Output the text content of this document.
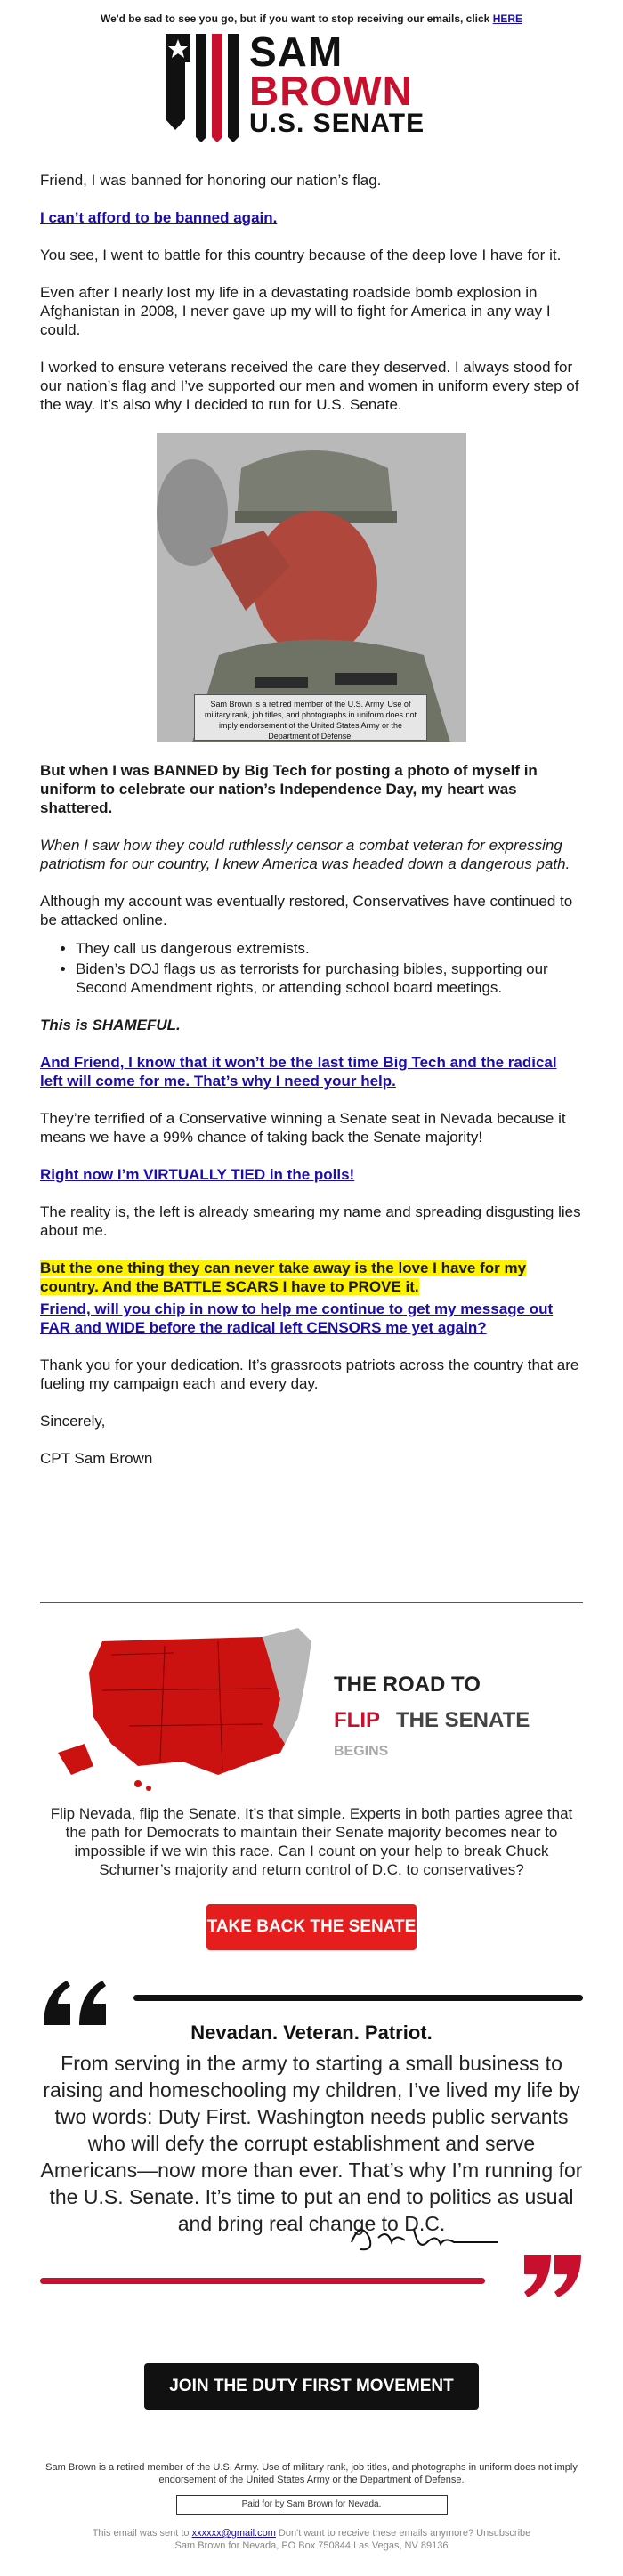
We'd be sad to see you go, but if you want to stop receiving our emails, click HERE
SAM
BROWN
U.S. SENATE

Friend, I was banned for honoring our nation’s flag.

I can’t afford to be banned again.

You see, I went to battle for this country because of the deep love I have for it.

Even after I nearly lost my life in a devastating roadside bomb explosion in Afghanistan in 2008, I never gave up my will to fight for America in any way I could.

I worked to ensure veterans received the care they deserved. I always stood for our nation’s flag and I’ve supported our men and women in uniform every step of the way. It’s also why I decided to run for U.S. Senate.

Sam Brown is a retired member of the U.S. Army. Use of military rank, job titles, and photographs in uniform does not imply endorsement of the United States Army or the Department of Defense.

But when I was BANNED by Big Tech for posting a photo of myself in uniform to celebrate our nation’s Independence Day, my heart was shattered.

When I saw how they could ruthlessly censor a combat veteran for expressing patriotism for our country, I knew America was headed down a dangerous path.

Although my account was eventually restored, Conservatives have continued to be attacked online.

• They call us dangerous extremists.
• Biden’s DOJ flags us as terrorists for purchasing bibles, supporting our Second Amendment rights, or attending school board meetings.

This is SHAMEFUL.

And Friend, I know that it won’t be the last time Big Tech and the radical left will come for me. That’s why I need your help.

They’re terrified of a Conservative winning a Senate seat in Nevada because it means we have a 99% chance of taking back the Senate majority!

Right now I’m VIRTUALLY TIED in the polls!

The reality is, the left is already smearing my name and spreading disgusting lies about me.

But the one thing they can never take away is the love I have for my country. And the BATTLE SCARS I have to PROVE it.

Friend, will you chip in now to help me continue to get my message out FAR and WIDE before the radical left CENSORS me yet again?

Thank you for your dedication. It’s grassroots patriots across the country that are fueling my campaign each and every day.

Sincerely,

CPT Sam Brown

THE ROAD TO
FLIP THE SENATE
BEGINS
Flip Nevada, flip the Senate. It’s that simple. Experts in both parties agree that the path for Democrats to maintain their Senate majority becomes near to impossible if we win this race. Can I count on your help to break Chuck Schumer’s majority and return control of D.C. to conservatives?
TAKE BACK THE SENATE
Nevadan. Veteran. Patriot.
From serving in the army to starting a small business to raising and homeschooling my children, I’ve lived my life by two words: Duty First. Washington needs public servants who will defy the corrupt establishment and serve Americans—now more than ever. That’s why I’m running for the U.S. Senate. It’s time to put an end to politics as usual and bring real change to D.C.
JOIN THE DUTY FIRST MOVEMENT
Sam Brown is a retired member of the U.S. Army. Use of military rank, job titles, and photographs in uniform does not imply endorsement of the United States Army or the Department of Defense.
Paid for by Sam Brown for Nevada.
This email was sent to xxxxxx@gmail.com Don't want to receive these emails anymore? Unsubscribe
Sam Brown for Nevada, PO Box 750844 Las Vegas, NV 89136
